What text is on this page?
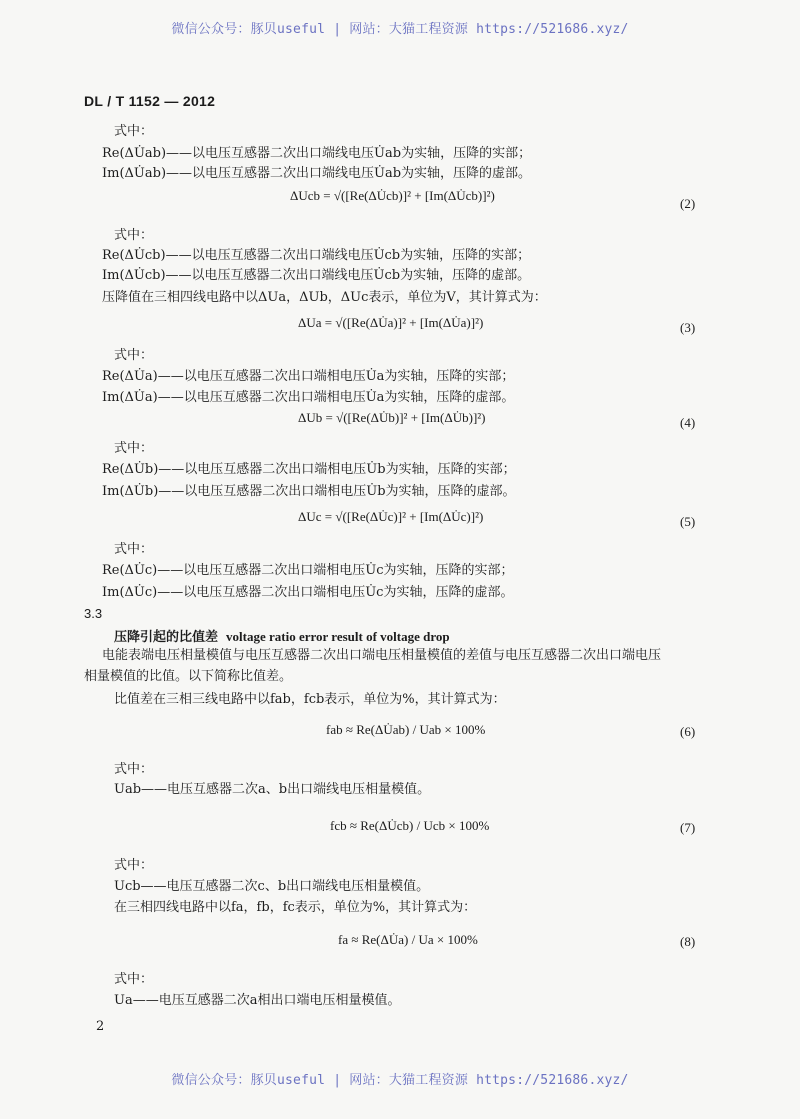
微信公众号：豚贝useful | 网站：大猫工程资源 https://521686.xyz/
DL / T 1152 — 2012
式中：
Re(ΔU̇ab)——以电压互感器二次出口端线电压U̇ab为实轴，压降的实部；
Im(ΔU̇ab)——以电压互感器二次出口端线电压U̇ab为实轴，压降的虚部。
ΔUcb = √([Re(ΔU̇cb)]² + [Im(ΔU̇cb)]²)
(2)
式中：
Re(ΔU̇cb)——以电压互感器二次出口端线电压U̇cb为实轴，压降的实部；
Im(ΔU̇cb)——以电压互感器二次出口端线电压U̇cb为实轴，压降的虚部。
压降值在三相四线电路中以ΔUa，ΔUb，ΔUc表示，单位为V，其计算式为：
ΔUa = √([Re(ΔU̇a)]² + [Im(ΔU̇a)]²)	(3)
式中：
Re(ΔU̇a)——以电压互感器二次出口端相电压U̇a为实轴，压降的实部；
Im(ΔU̇a)——以电压互感器二次出口端相电压U̇a为实轴，压降的虚部。
ΔUb = √([Re(ΔU̇b)]² + [Im(ΔU̇b)]²)	(4)
式中：
Re(ΔU̇b)——以电压互感器二次出口端相电压U̇b为实轴，压降的实部；
Im(ΔU̇b)——以电压互感器二次出口端相电压U̇b为实轴，压降的虚部。
ΔUc = √([Re(ΔU̇c)]² + [Im(ΔU̇c)]²)	(5)
式中：
Re(ΔU̇c)——以电压互感器二次出口端相电压U̇c为实轴，压降的实部；
Im(ΔU̇c)——以电压互感器二次出口端相电压U̇c为实轴，压降的虚部。
3.3
压降引起的比值差 voltage ratio error result of voltage drop
电能表端电压相量模值与电压互感器二次出口端电压相量模值的差值与电压互感器二次出口端电压
相量模值的比值。以下简称比值差。
比值差在三相三线电路中以fab，fcb表示，单位为%，其计算式为：
fab ≈ Re(ΔU̇ab) / Uab × 100%	(6)
式中：
Uab——电压互感器二次a、b出口端线电压相量模值。
fcb ≈ Re(ΔU̇cb) / Ucb × 100%	(7)
式中：
Ucb——电压互感器二次c、b出口端线电压相量模值。
在三相四线电路中以fa，fb，fc表示，单位为%，其计算式为：
fa ≈ Re(ΔU̇a) / Ua × 100%	(8)
式中：
Ua——电压互感器二次a相出口端电压相量模值。
2
微信公众号：豚贝useful | 网站：大猫工程资源 https://521686.xyz/
